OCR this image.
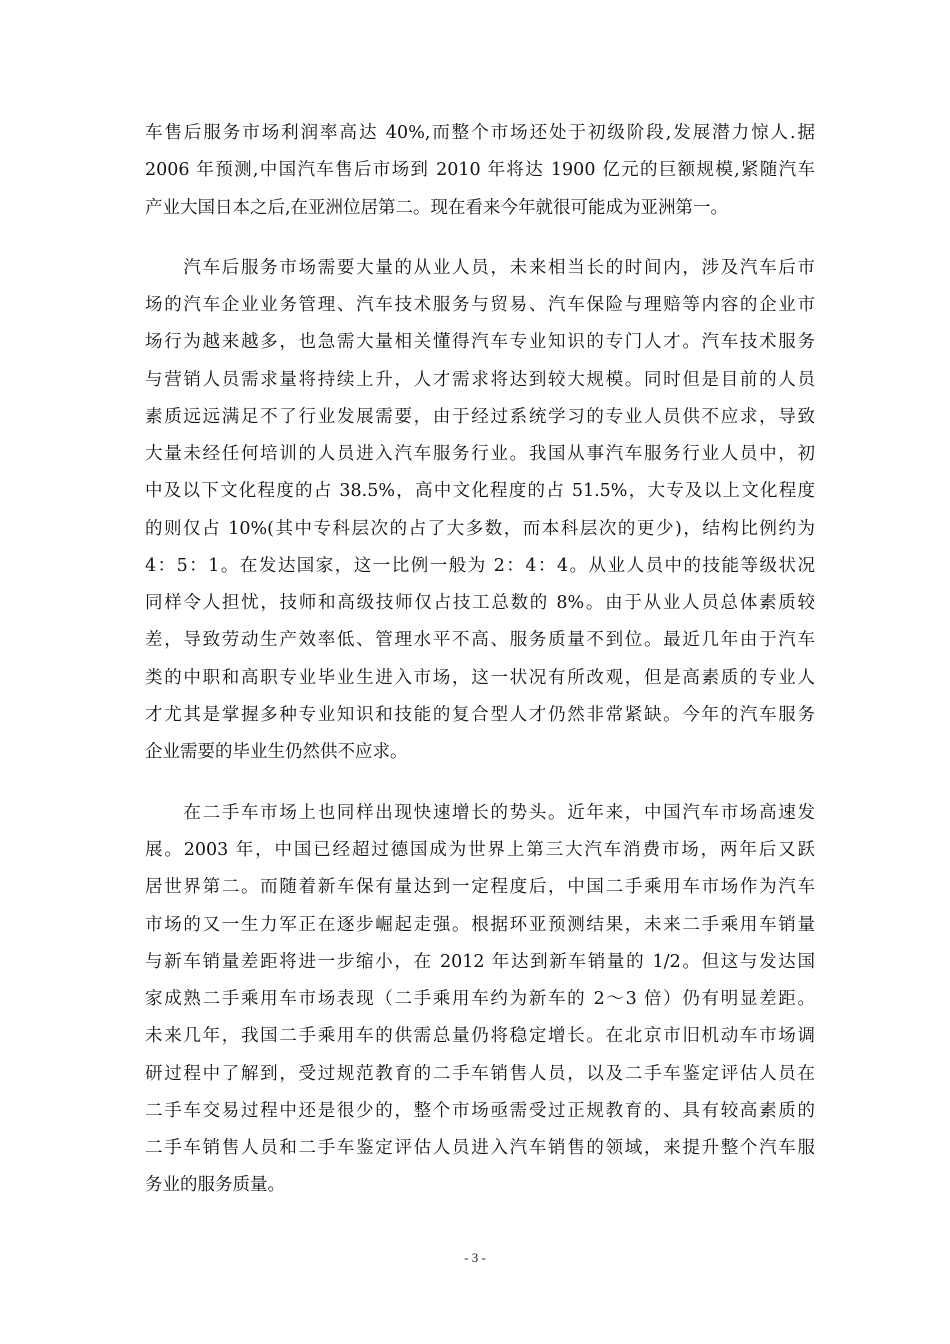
车售后服务市场利润率高达 40%,而整个市场还处于初级阶段,发展潜力惊人.据
2006 年预测,中国汽车售后市场到 2010 年将达 1900 亿元的巨额规模,紧随汽车
产业大国日本之后,在亚洲位居第二。现在看来今年就很可能成为亚洲第一。
　　汽车后服务市场需要大量的从业人员，未来相当长的时间内，涉及汽车后市
场的汽车企业业务管理、汽车技术服务与贸易、汽车保险与理赔等内容的企业市
场行为越来越多，也急需大量相关懂得汽车专业知识的专门人才。汽车技术服务
与营销人员需求量将持续上升，人才需求将达到较大规模。同时但是目前的人员
素质远远满足不了行业发展需要，由于经过系统学习的专业人员供不应求，导致
大量未经任何培训的人员进入汽车服务行业。我国从事汽车服务行业人员中，初
中及以下文化程度的占 38.5%，高中文化程度的占 51.5%，大专及以上文化程度
的则仅占 10%(其中专科层次的占了大多数，而本科层次的更少)，结构比例约为
4：5：1。在发达国家，这一比例一般为 2：4：4。从业人员中的技能等级状况
同样令人担忧，技师和高级技师仅占技工总数的 8%。由于从业人员总体素质较
差，导致劳动生产效率低、管理水平不高、服务质量不到位。最近几年由于汽车
类的中职和高职专业毕业生进入市场，这一状况有所改观，但是高素质的专业人
才尤其是掌握多种专业知识和技能的复合型人才仍然非常紧缺。今年的汽车服务
企业需要的毕业生仍然供不应求。
　　在二手车市场上也同样出现快速增长的势头。近年来，中国汽车市场高速发
展。2003 年，中国已经超过德国成为世界上第三大汽车消费市场，两年后又跃
居世界第二。而随着新车保有量达到一定程度后，中国二手乘用车市场作为汽车
市场的又一生力军正在逐步崛起走强。根据环亚预测结果，未来二手乘用车销量
与新车销量差距将进一步缩小，在 2012 年达到新车销量的 1/2。但这与发达国
家成熟二手乘用车市场表现（二手乘用车约为新车的 2～3 倍）仍有明显差距。
未来几年，我国二手乘用车的供需总量仍将稳定增长。在北京市旧机动车市场调
研过程中了解到，受过规范教育的二手车销售人员，以及二手车鉴定评估人员在
二手车交易过程中还是很少的，整个市场亟需受过正规教育的、具有较高素质的
二手车销售人员和二手车鉴定评估人员进入汽车销售的领域，来提升整个汽车服
务业的服务质量。
- 3 -
